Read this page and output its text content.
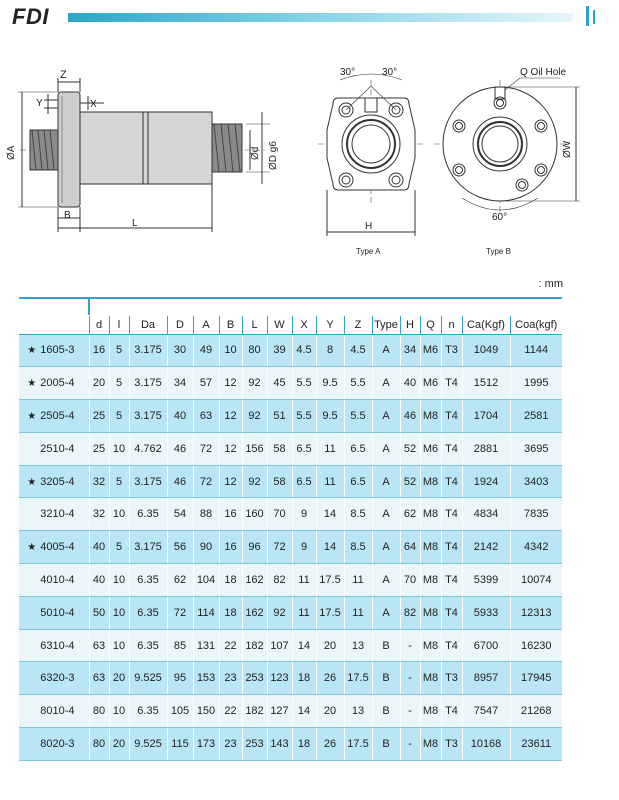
FDI
Z
Y	X
ØA
B
L
Ød ØD g6
30°	30°
H
Type A
Q Oil Hole
ØW
60°
Type B
: mm

	d	l	Da	D	A	B	L	W	X	Y	Z	Type	H	Q	n	Ca(Kgf)	Coa(kgf)
★ 1605-3	16	5	3.175	30	49	10	80	39	4.5	8	4.5	A	34	M6	T3	1049	1144
★ 2005-4	20	5	3.175	34	57	12	92	45	5.5	9.5	5.5	A	40	M6	T4	1512	1995
★ 2505-4	25	5	3.175	40	63	12	92	51	5.5	9.5	5.5	A	46	M8	T4	1704	2581
2510-4	25	10	4.762	46	72	12	156	58	6.5	11	6.5	A	52	M6	T4	2881	3695
★ 3205-4	32	5	3.175	46	72	12	92	58	6.5	11	6.5	A	52	M8	T4	1924	3403
3210-4	32	10	6.35	54	88	16	160	70	9	14	8.5	A	62	M8	T4	4834	7835
★ 4005-4	40	5	3.175	56	90	16	96	72	9	14	8.5	A	64	M8	T4	2142	4342
4010-4	40	10	6.35	62	104	18	162	82	11	17.5	11	A	70	M8	T4	5399	10074
5010-4	50	10	6.35	72	114	18	162	92	11	17.5	11	A	82	M8	T4	5933	12313
6310-4	63	10	6.35	85	131	22	182	107	14	20	13	B	-	M8	T4	6700	16230
6320-3	63	20	9.525	95	153	23	253	123	18	26	17.5	B	-	M8	T3	8957	17945
8010-4	80	10	6.35	105	150	22	182	127	14	20	13	B	-	M8	T4	7547	21268
8020-3	80	20	9.525	115	173	23	253	143	18	26	17.5	B	-	M8	T3	10168	23611
